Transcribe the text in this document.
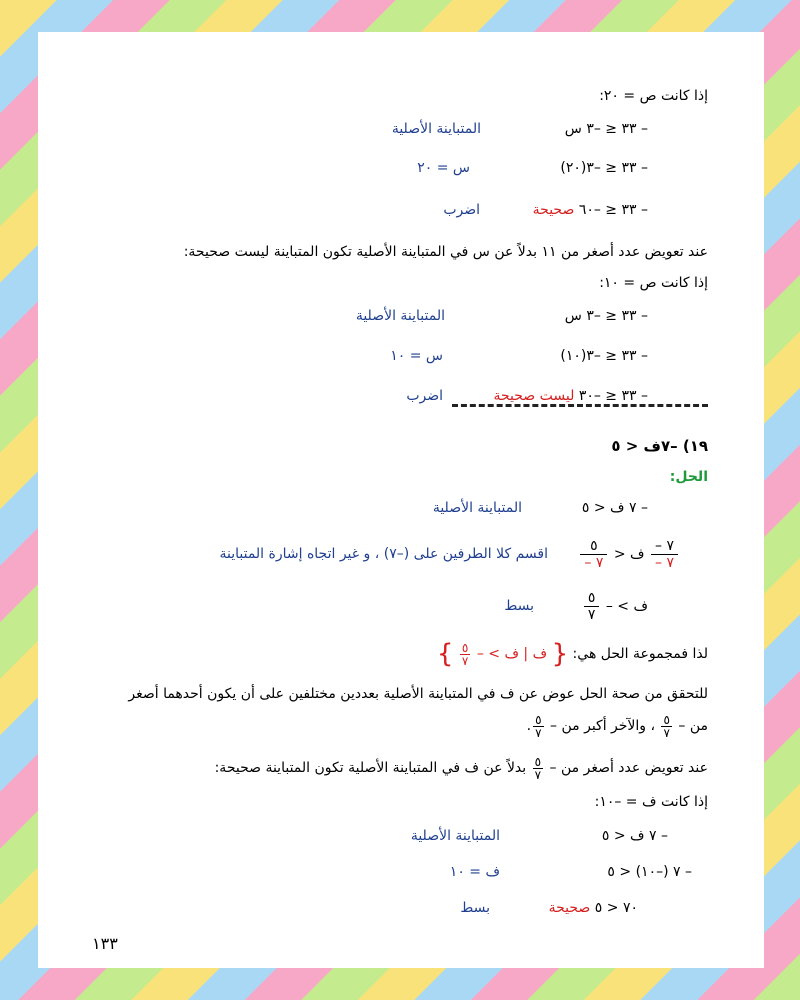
إذا كانت ص = ٢٠:
– ٣٣ ≤ –٣ س
المتباينة الأصلية
– ٣٣ ≤ –٣(٢٠)
س = ٢٠
– ٣٣ ≤ –٦٠ صحيحة
اضرب
عند تعويض عدد أصغر من ١١ بدلاً عن س في المتباينة الأصلية تكون المتباينة ليست صحيحة:
إذا كانت ص = ١٠:
– ٣٣ ≤ –٣ س
المتباينة الأصلية
– ٣٣ ≤ –٣(١٠)
س = ١٠
– ٣٣ ≤ –٣٠ ليست صحيحة
اضرب
١٩) –٧ف < ٥
الحل:
– ٧ ف < ٥
المتباينة الأصلية
$\frac{٧ -}{٧ -}$
ف <
$\frac{٥}{٧ -}$
اقسم كلا الطرفين على (–٧) ، و غير اتجاه إشارة المتباينة
ف > –
$\frac{٥}{٧}$
بسط
لذا فمجموعة الحل هي: { ف | ف > –
$\frac{٥}{٧}$
}
للتحقق من صحة الحل عوض عن ف في المتباينة الأصلية بعددين مختلفين على أن يكون أحدهما أصغر
من –
$\frac{٥}{٧}$
، والآخر أكبر من –
$\frac{٥}{٧}$
.
عند تعويض عدد أصغر من –
$\frac{٥}{٧}$
بدلاً عن ف في المتباينة الأصلية تكون المتباينة صحيحة:
إذا كانت ف = –١٠:
– ٧ ف < ٥
المتباينة الأصلية
– ٧ (–١٠) < ٥
ف = ١٠
٧٠ < ٥ صحيحة
بسط
١٣٣
